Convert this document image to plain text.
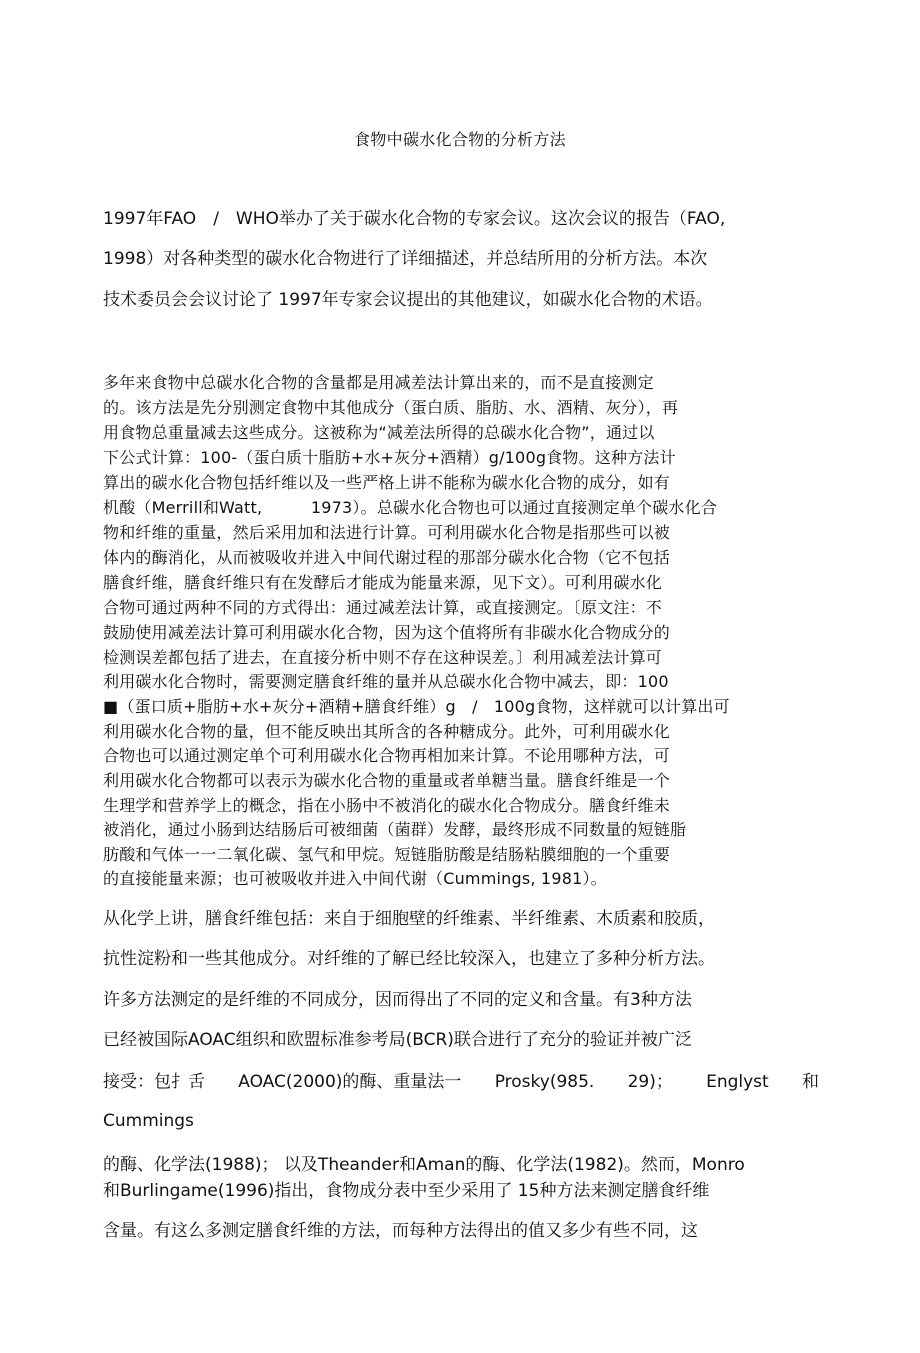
食物中碳水化合物的分析方法
1997年FAO　/　WHO举办了关于碳水化合物的专家会议。这次会议的报告（FAO,
1998）对各种类型的碳水化合物进行了详细描述，并总结所用的分析方法。本次
技术委员会会议讨论了 1997年专家会议提出的其他建议，如碳水化合物的术语。
多年来食物中总碳水化合物的含量都是用减差法计算出来的，而不是直接测定
的。该方法是先分别测定食物中其他成分（蛋白质、脂肪、水、酒精、灰分），再
用食物总重量减去这些成分。这被称为“减差法所得的总碳水化合物”，通过以
下公式计算：100-（蛋白质十脂肪+水+灰分+酒精）g/100g食物。这种方法计
算出的碳水化合物包括纤维以及一些严格上讲不能称为碳水化合物的成分，如有
机酸（Merrill和Watt,　　　1973）。总碳水化合物也可以通过直接测定单个碳水化合
物和纤维的重量，然后采用加和法进行计算。可利用碳水化合物是指那些可以被
体内的酶消化，从而被吸收并进入中间代谢过程的那部分碳水化合物（它不包括
膳食纤维，膳食纤维只有在发酵后才能成为能量来源，见下文）。可利用碳水化
合物可通过两种不同的方式得出：通过减差法计算，或直接测定。〔原文注：不
鼓励使用减差法计算可利用碳水化合物，因为这个值将所有非碳水化合物成分的
检测误差都包括了进去，在直接分析中则不存在这种误差。〕利用减差法计算可
利用碳水化合物时，需要测定膳食纤维的量并从总碳水化合物中减去，即：100
■（蛋口质+脂肪+水+灰分+酒精+膳食纤维）g　/　100g食物，这样就可以计算出可
利用碳水化合物的量，但不能反映出其所含的各种糖成分。此外，可利用碳水化
合物也可以通过测定单个可利用碳水化合物再相加来计算。不论用哪种方法，可
利用碳水化合物都可以表示为碳水化合物的重量或者单糖当量。膳食纤维是一个
生理学和营养学上的概念，指在小肠中不被消化的碳水化合物成分。膳食纤维未
被消化，通过小肠到达结肠后可被细菌（菌群）发酵，最终形成不同数量的短链脂
肪酸和气体一一二氧化碳、氢气和甲烷。短链脂肪酸是结肠粘膜细胞的一个重要
的直接能量来源；也可被吸收并进入中间代谢（Cummings, 1981）。
从化学上讲，膳食纤维包括：来自于细胞壁的纤维素、半纤维素、木质素和胶质，
抗性淀粉和一些其他成分。对纤维的了解已经比较深入，也建立了多种分析方法。
许多方法测定的是纤维的不同成分，因而得出了不同的定义和含量。有3种方法
已经被国际AOAC组织和欧盟标准参考局(BCR)联合进行了充分的验证并被广泛
接受：包扌舌 AOAC(2000)的酶、重量法一 Prosky(985. 29)； Englyst 和
Cummings
的酶、化学法(1988)； 以及Theander和Aman的酶、化学法(1982)。然而，Monro
和Burlingame(1996)指出，食物成分表中至少采用了 15种方法来测定膳食纤维
含量。有这么多测定膳食纤维的方法，而每种方法得出的值又多少有些不同，这
